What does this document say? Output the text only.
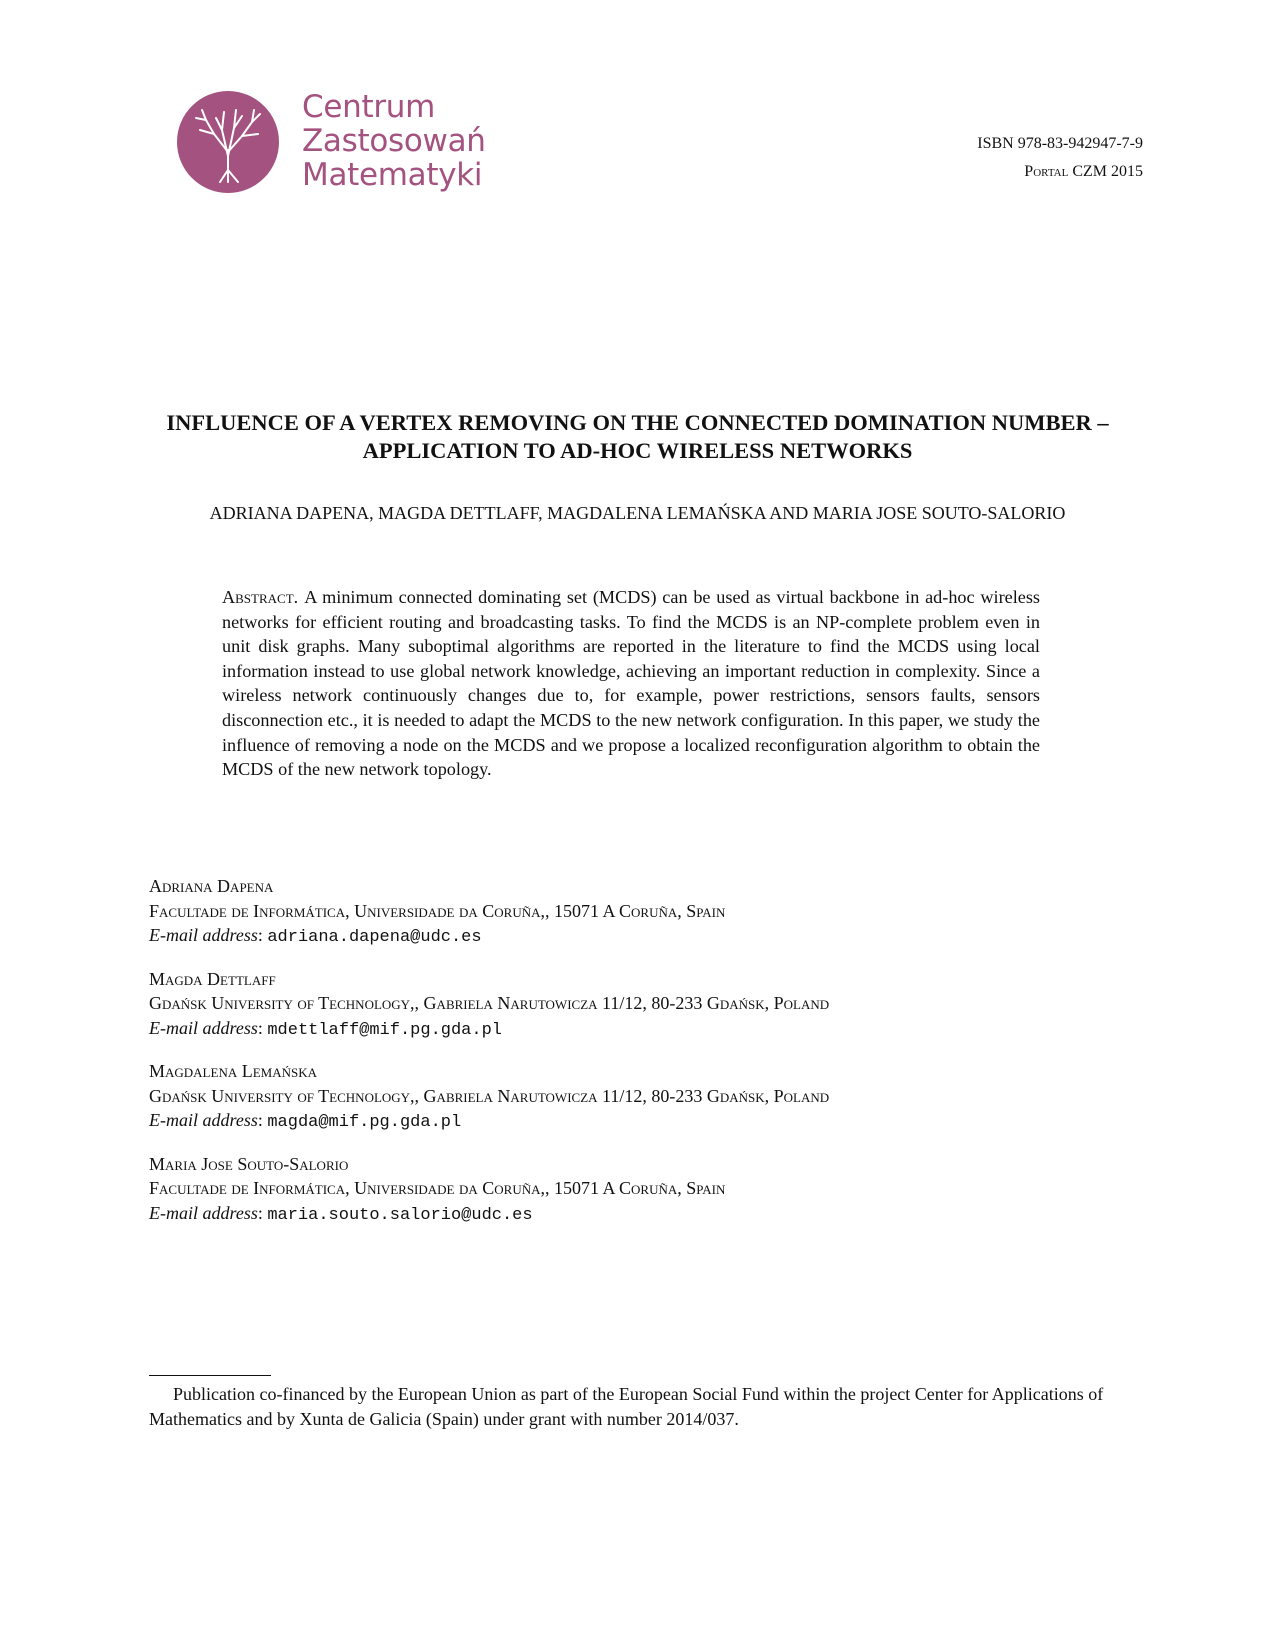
Centrum
Zastosowań
Matematyki
ISBN 978-83-942947-7-9
Portal CZM 2015
INFLUENCE OF A VERTEX REMOVING ON THE CONNECTED DOMINATION NUMBER – APPLICATION TO AD-HOC WIRELESS NETWORKS
ADRIANA DAPENA, MAGDA DETTLAFF, MAGDALENA LEMAŃSKA AND MARIA JOSE SOUTO-SALORIO
Abstract. A minimum connected dominating set (MCDS) can be used as virtual backbone in ad-hoc wireless networks for efficient routing and broadcasting tasks. To find the MCDS is an NP-complete problem even in unit disk graphs. Many suboptimal algorithms are reported in the literature to find the MCDS using local information instead to use global network knowledge, achieving an important reduction in complexity. Since a wireless network continuously changes due to, for example, power restrictions, sensors faults, sensors disconnection etc., it is needed to adapt the MCDS to the new network configuration. In this paper, we study the influence of removing a node on the MCDS and we propose a localized reconfiguration algorithm to obtain the MCDS of the new network topology.
Adriana Dapena
Facultade de Informática, Universidade da Coruña,, 15071 A Coruña, Spain
E-mail address: adriana.dapena@udc.es
Magda Dettlaff
Gdańsk University of Technology,, Gabriela Narutowicza 11/12, 80-233 Gdańsk, Poland
E-mail address: mdettlaff@mif.pg.gda.pl
Magdalena Lemańska
Gdańsk University of Technology,, Gabriela Narutowicza 11/12, 80-233 Gdańsk, Poland
E-mail address: magda@mif.pg.gda.pl
Maria Jose Souto-Salorio
Facultade de Informática, Universidade da Coruña,, 15071 A Coruña, Spain
E-mail address: maria.souto.salorio@udc.es
Publication co-financed by the European Union as part of the European Social Fund within the project Center for Applications of Mathematics and by Xunta de Galicia (Spain) under grant with number 2014/037.
